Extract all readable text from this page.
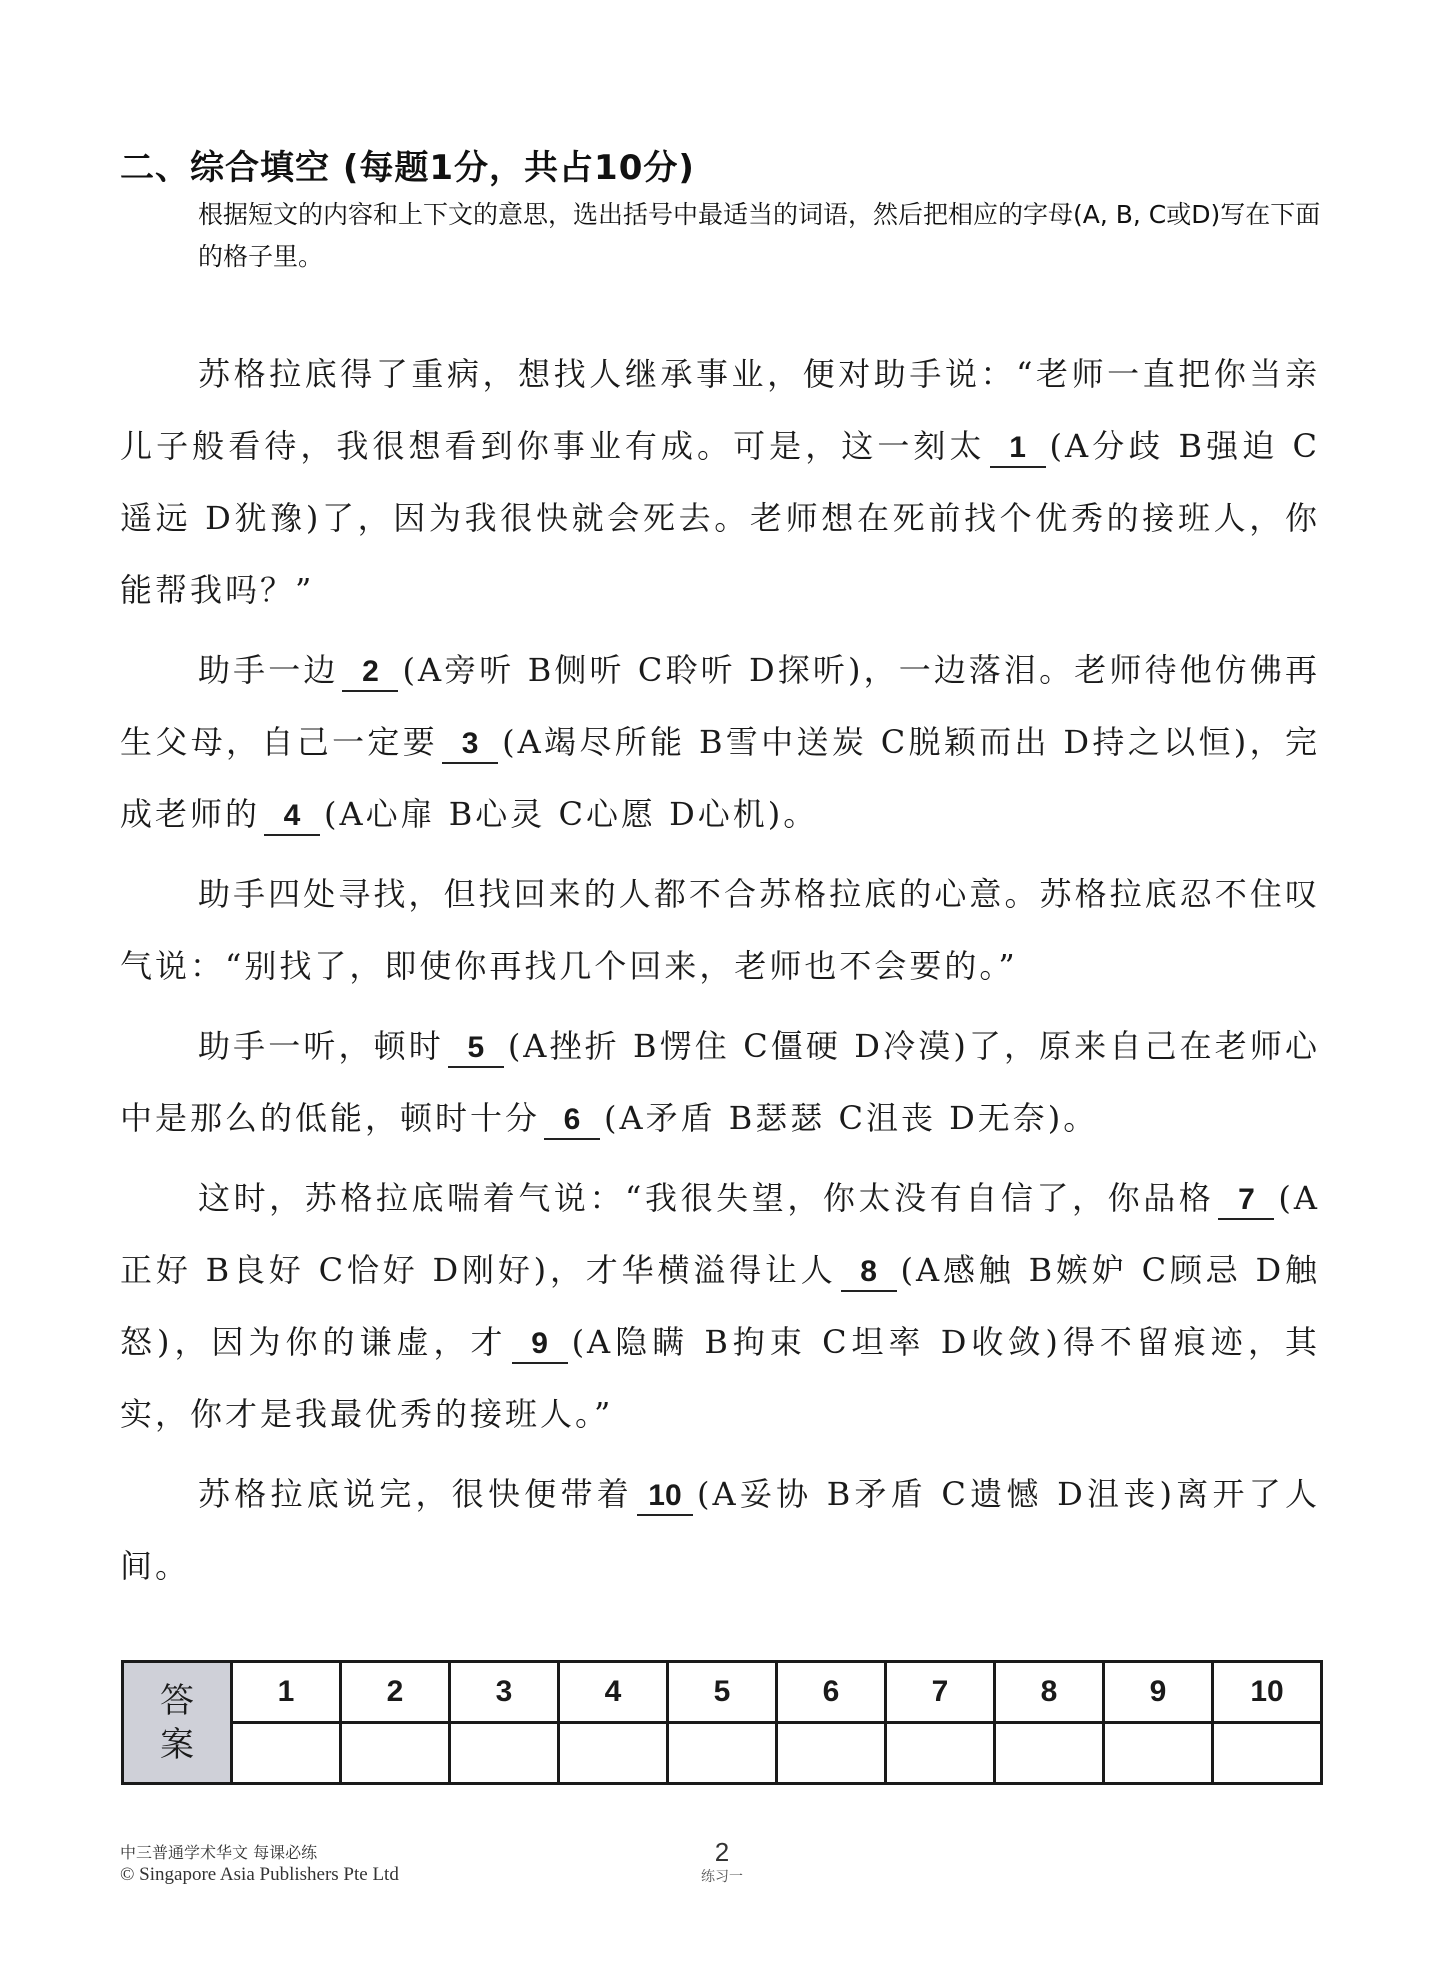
二、综合填空 (每题1分，共占10分)
根据短文的内容和上下文的意思，选出括号中最适当的词语，然后把相应的字母(A, B, C或D)写在下面的格子里。

苏格拉底得了重病，想找人继承事业，便对助手说：“老师一直把你当亲儿子般看待，我很想看到你事业有成。可是，这一刻太 1 (A分歧 B强迫 C遥远 D犹豫)了，因为我很快就会死去。老师想在死前找个优秀的接班人，你能帮我吗？”

助手一边 2 (A旁听 B侧听 C聆听 D探听)，一边落泪。老师待他仿佛再生父母，自己一定要 3 (A竭尽所能 B雪中送炭 C脱颖而出 D持之以恒)，完成老师的 4 (A心扉 B心灵 C心愿 D心机)。

助手四处寻找，但找回来的人都不合苏格拉底的心意。苏格拉底忍不住叹气说：“别找了，即使你再找几个回来，老师也不会要的。”

助手一听，顿时 5 (A挫折 B愣住 C僵硬 D冷漠)了，原来自己在老师心中是那么的低能，顿时十分 6 (A矛盾 B瑟瑟 C沮丧 D无奈)。

这时，苏格拉底喘着气说：“我很失望，你太没有自信了，你品格 7 (A正好 B良好 C恰好 D刚好)，才华横溢得让人 8 (A感触 B嫉妒 C顾忌 D触怒)，因为你的谦虚，才 9 (A隐瞒 B拘束 C坦率 D收敛)得不留痕迹，其实，你才是我最优秀的接班人。”

苏格拉底说完，很快便带着 10 (A妥协 B矛盾 C遗憾 D沮丧)离开了人间。

答
案	1	2	3	4	5	6	7	8	9	10

中三普通学术华文 每课必练
© Singapore Asia Publishers Pte Ltd
2
练习一
